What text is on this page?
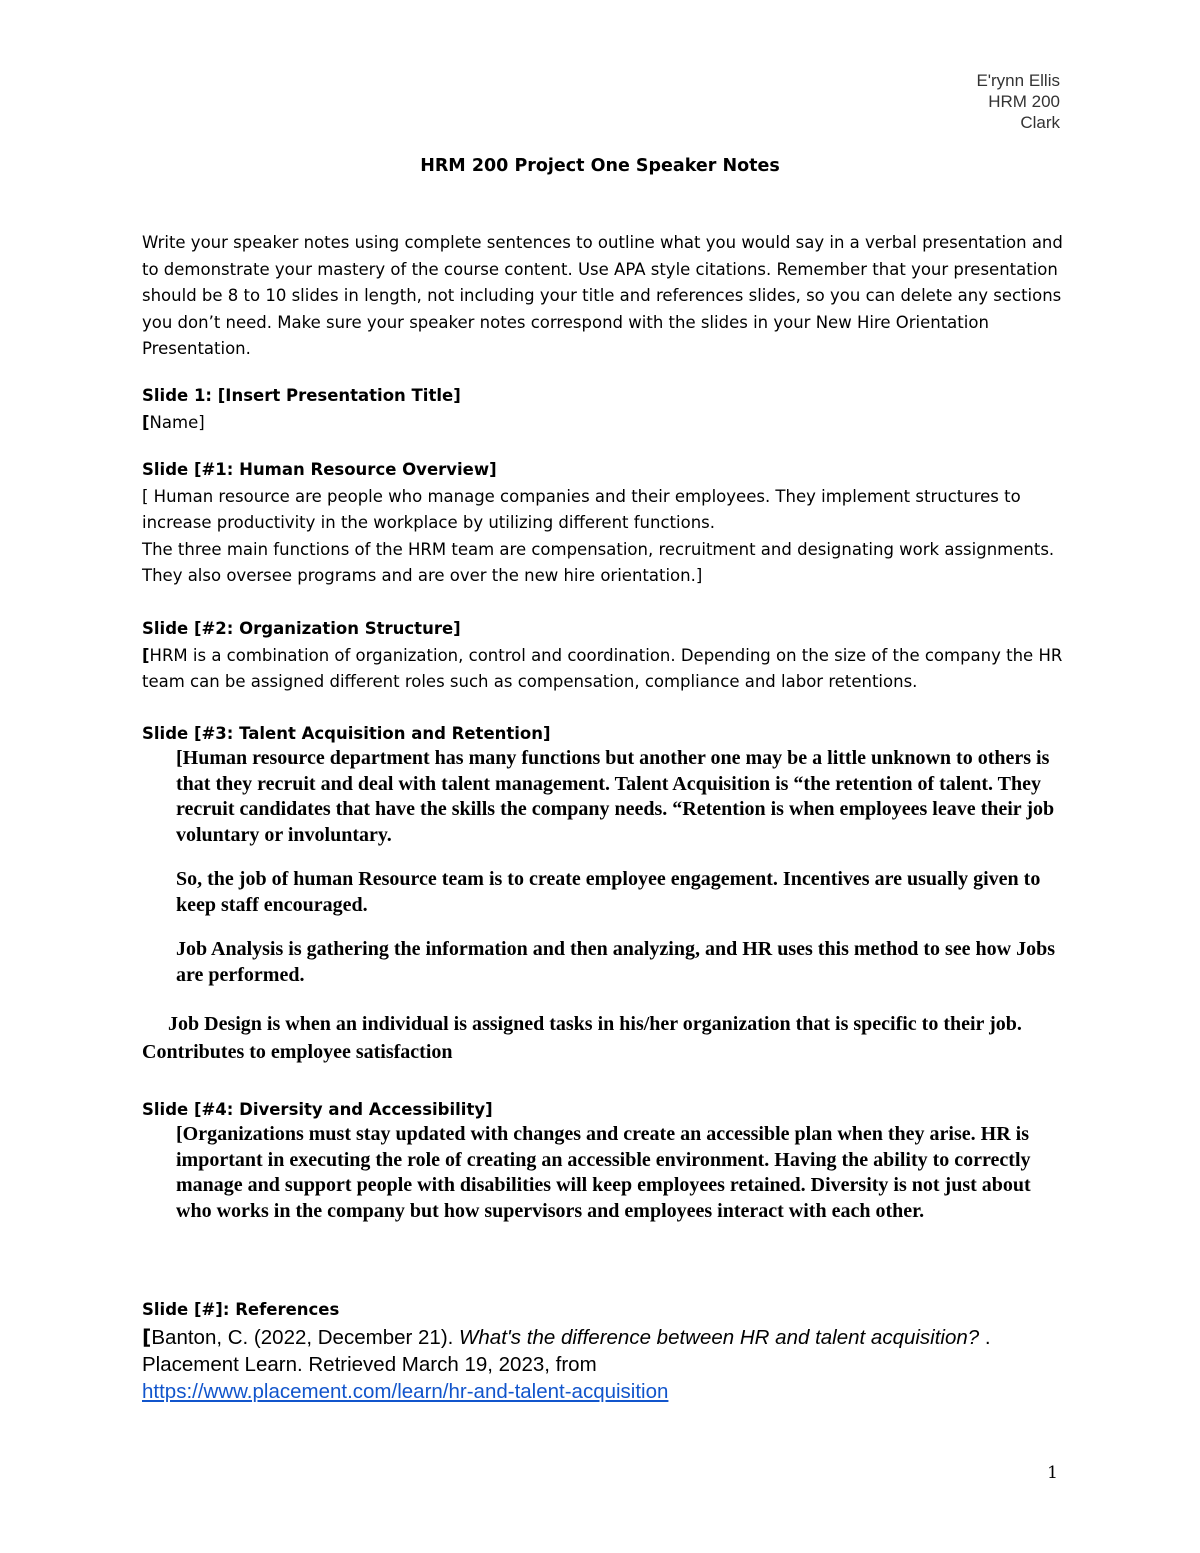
E'rynn Ellis
HRM 200
Clark
HRM 200 Project One Speaker Notes

Write your speaker notes using complete sentences to outline what you would say in a verbal presentation and to demonstrate your mastery of the course content. Use APA style citations. Remember that your presentation should be 8 to 10 slides in length, not including your title and references slides, so you can delete any sections you don’t need. Make sure your speaker notes correspond with the slides in your New Hire Orientation Presentation.

Slide 1: [Insert Presentation Title]

[Name]

Slide [#1: Human Resource Overview]

[ Human resource are people who manage companies and their employees. They implement structures to increase productivity in the workplace by utilizing different functions.

The three main functions of the HRM team are compensation, recruitment and designating work assignments. They also oversee programs and are over the new hire orientation.]

Slide [#2: Organization Structure]

[HRM is a combination of organization, control and coordination. Depending on the size of the company the HR team can be assigned different roles such as compensation, compliance and labor retentions.

Slide [#3: Talent Acquisition and Retention]

[Human resource department has many functions but another one may be a little unknown to others is that they recruit and deal with talent management. Talent Acquisition is “the retention of talent. They recruit candidates that have the skills the company needs. “Retention is when employees leave their job voluntary or involuntary.

So, the job of human Resource team is to create employee engagement. Incentives are usually given to keep staff encouraged.

Job Analysis is gathering the information and then analyzing, and HR uses this method to see how Jobs are performed.

Job Design is when an individual is assigned tasks in his/her organization that is specific to their job. Contributes to employee satisfaction

Slide [#4: Diversity and Accessibility]

[Organizations must stay updated with changes and create an accessible plan when they arise. HR is important in executing the role of creating an accessible environment. Having the ability to correctly manage and support people with disabilities will keep employees retained. Diversity is not just about who works in the company but how supervisors and employees interact with each other.

Slide [#]: References

[Banton, C. (2022, December 21). What's the difference between HR and talent acquisition? . Placement Learn. Retrieved March 19, 2023, from
https://www.placement.com/learn/hr-and-talent-acquisition
1
